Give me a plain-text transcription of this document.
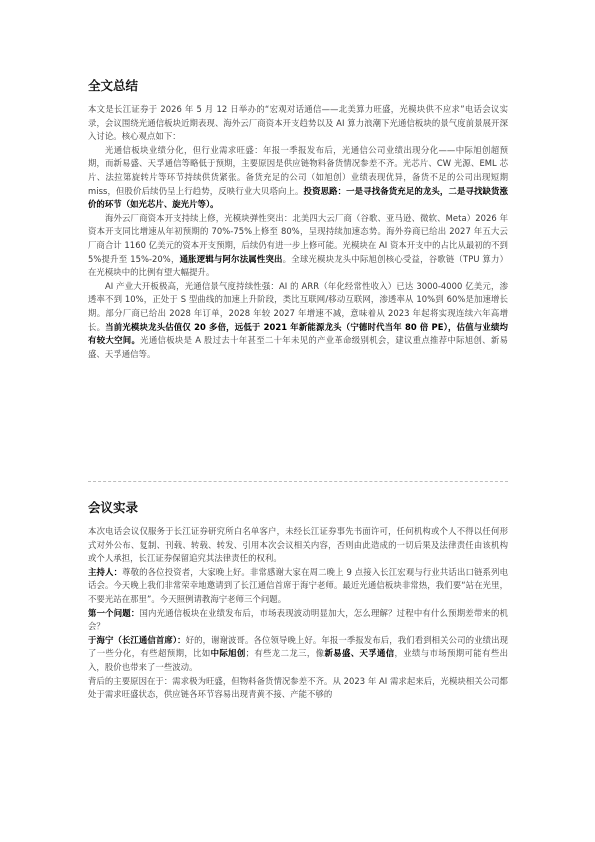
全文总结

本文是长江证券于 2026 年 5 月 12 日举办的“宏观对话通信——北美算力旺盛，光模块供不应求”电话会议实录，会议围绕光通信板块近期表现、海外云厂商资本开支趋势以及 AI 算力浪潮下光通信板块的景气度前景展开深入讨论。核心观点如下：

光通信板块业绩分化，但行业需求旺盛：年报一季报发布后，光通信公司业绩出现分化——中际旭创超预期，而新易盛、天孚通信等略低于预期，主要原因是供应链物料备货情况参差不齐。光芯片、CW 光源、EML 芯片、法拉第旋转片等环节持续供货紧张。备货充足的公司（如旭创）业绩表现优异，备货不足的公司出现短期 miss，但股价后续仍呈上行趋势，反映行业大贝塔向上。投资思路：一是寻找备货充足的龙头，二是寻找缺货涨价的环节（如光芯片、旋光片等）。

海外云厂商资本开支持续上修，光模块弹性突出：北美四大云厂商（谷歌、亚马逊、微软、Meta）2026 年资本开支同比增速从年初预期的 70%-75%上修至 80%，呈现持续加速态势。海外券商已给出 2027 年五大云厂商合计 1160 亿美元的资本开支预期，后续仍有进一步上修可能。光模块在 AI 资本开支中的占比从最初的不到 5%提升至 15%-20%，通胀逻辑与阿尔法属性突出。全球光模块龙头中际旭创核心受益，谷歌链（TPU 算力）在光模块中的比例有望大幅提升。

AI 产业大开板极高，光通信景气度持续性强：AI 的 ARR（年化经常性收入）已达 3000-4000 亿美元，渗透率不到 10%，正处于 S 型曲线的加速上升阶段，类比互联网/移动互联网，渗透率从 10%到 60%是加速增长期。部分厂商已给出 2028 年订单，2028 年较 2027 年增速不减，意味着从 2023 年起将实现连续六年高增长。当前光模块龙头估值仅 20 多倍，远低于 2021 年新能源龙头（宁德时代当年 80 倍 PE），估值与业绩均有较大空间。光通信板块是 A 股过去十年甚至二十年未见的产业革命级别机会，建议重点推荐中际旭创、新易盛、天孚通信等。

会议实录

本次电话会议仅服务于长江证券研究所白名单客户，未经长江证券事先书面许可，任何机构或个人不得以任何形式对外公布、复制、刊载、转载、转发、引用本次会议相关内容，否则由此造成的一切后果及法律责任由该机构或个人承担，长江证券保留追究其法律责任的权利。

主持人：尊敬的各位投资者，大家晚上好。非常感谢大家在周二晚上 9 点接入长江宏观与行业共话出口链系列电话会。今天晚上我们非常荣幸地邀请到了长江通信首席于海宁老师。最近光通信板块非常热，我们要“站在光里，不要光站在那里”。今天照例请教海宁老师三个问题。

第一个问题：国内光通信板块在业绩发布后，市场表现波动明显加大，怎么理解？过程中有什么预期差带来的机会？

于海宁（长江通信首席）：好的，谢谢波哥。各位领导晚上好。年报一季报发布后，我们看到相关公司的业绩出现了一些分化，有些超预期，比如中际旭创；有些龙二龙三，像新易盛、天孚通信，业绩与市场预期可能有些出入，股价也带来了一些波动。

背后的主要原因在于：需求极为旺盛，但物料备货情况参差不齐。从 2023 年 AI 需求起来后，光模块相关公司都处于需求旺盛状态，供应链各环节容易出现青黄不接、产能不够的
